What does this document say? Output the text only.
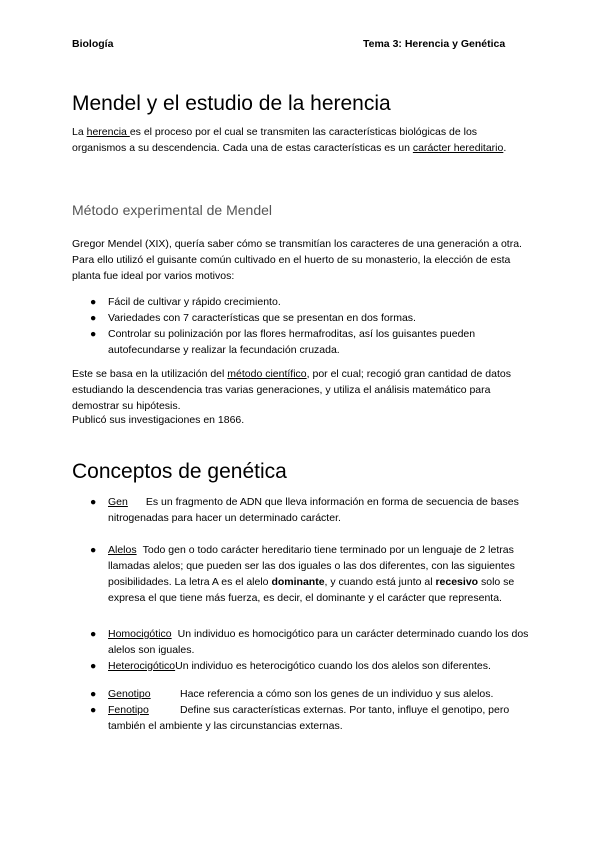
Biología	Tema 3: Herencia y Genética
Mendel y el estudio de la herencia
La herencia es el proceso por el cual se transmiten las características biológicas de los organismos a su descendencia. Cada una de estas características es un carácter hereditario.
Método experimental de Mendel
Gregor Mendel (XIX), quería saber cómo se transmitían los caracteres de una generación a otra. Para ello utilizó el guisante común cultivado en el huerto de su monasterio, la elección de esta planta fue ideal por varios motivos:
● Fácil de cultivar y rápido crecimiento.
● Variedades con 7 características que se presentan en dos formas.
● Controlar su polinización por las flores hermafroditas, así los guisantes pueden autofecundarse y realizar la fecundación cruzada.
Este se basa en la utilización del método científico, por el cual; recogió gran cantidad de datos estudiando la descendencia tras varias generaciones, y utiliza el análisis matemático para demostrar su hipótesis.
Publicó sus investigaciones en 1866.
Conceptos de genética
● Gen Es un fragmento de ADN que lleva información en forma de secuencia de bases nitrogenadas para hacer un determinado carácter.
● Alelos Todo gen o todo carácter hereditario tiene terminado por un lenguaje de 2 letras llamadas alelos; que pueden ser las dos iguales o las dos diferentes, con las siguientes posibilidades. La letra A es el alelo dominante, y cuando está junto al recesivo solo se expresa el que tiene más fuerza, es decir, el dominante y el carácter que representa.
● Homocigótico Un individuo es homocigótico para un carácter determinado cuando los dos alelos son iguales.
● HeterocigóticoUn individuo es heterocigótico cuando los dos alelos son diferentes.
● Genotipo	Hace referencia a cómo son los genes de un individuo y sus alelos.
● Fenotipo	Define sus características externas. Por tanto, influye el genotipo, pero también el ambiente y las circunstancias externas.
